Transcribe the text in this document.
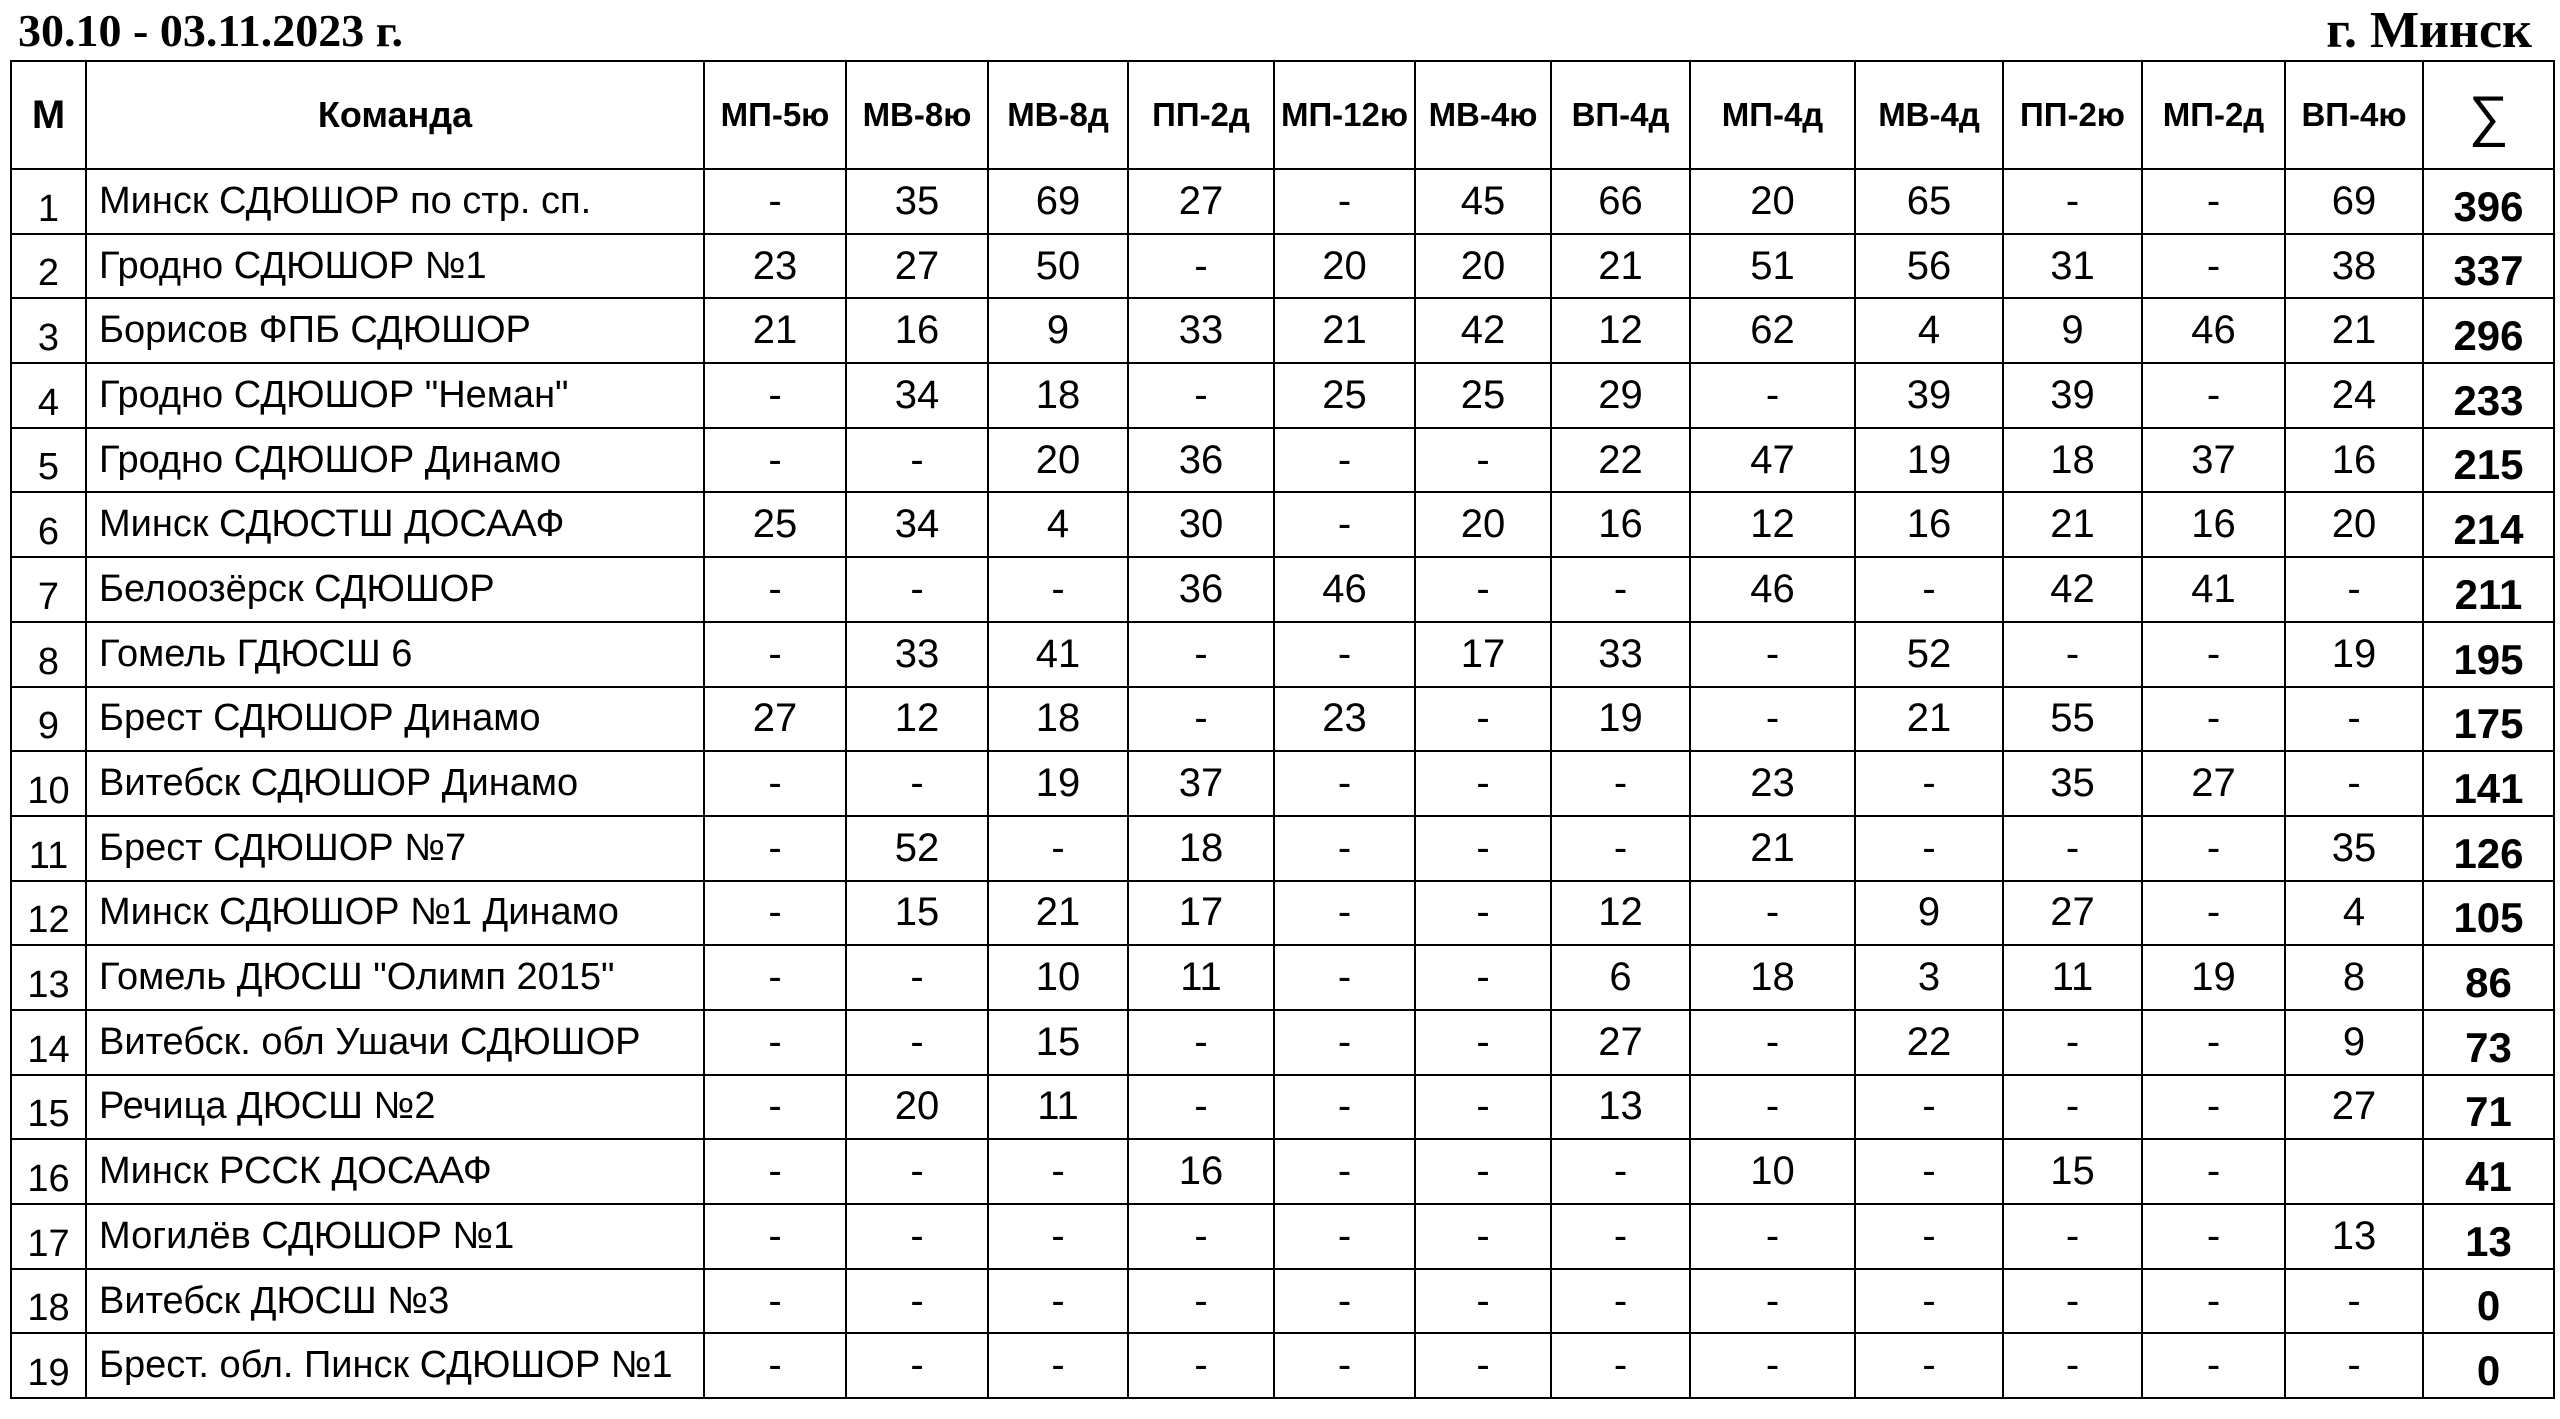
30.10 - 03.11.2023 г.	г. Минск
М	Команда	МП-5ю	МВ-8ю	МВ-8д	ПП-2д	МП-12ю	МВ-4ю	ВП-4д	МП-4д	МВ-4д	ПП-2ю	МП-2д	ВП-4ю	∑
1	Минск СДЮШОР по стр. сп.	-	35	69	27	-	45	66	20	65	-	-	69	396
2	Гродно СДЮШОР №1	23	27	50	-	20	20	21	51	56	31	-	38	337
3	Борисов ФПБ СДЮШОР	21	16	9	33	21	42	12	62	4	9	46	21	296
4	Гродно СДЮШОР "Неман"	-	34	18	-	25	25	29	-	39	39	-	24	233
5	Гродно СДЮШОР Динамо	-	-	20	36	-	-	22	47	19	18	37	16	215
6	Минск СДЮСТШ ДОСААФ	25	34	4	30	-	20	16	12	16	21	16	20	214
7	Белоозёрск СДЮШОР	-	-	-	36	46	-	-	46	-	42	41	-	211
8	Гомель ГДЮСШ 6	-	33	41	-	-	17	33	-	52	-	-	19	195
9	Брест СДЮШОР Динамо	27	12	18	-	23	-	19	-	21	55	-	-	175
10	Витебск СДЮШОР Динамо	-	-	19	37	-	-	-	23	-	35	27	-	141
11	Брест СДЮШОР №7	-	52	-	18	-	-	-	21	-	-	-	35	126
12	Минск СДЮШОР №1 Динамо	-	15	21	17	-	-	12	-	9	27	-	4	105
13	Гомель ДЮСШ "Олимп 2015"	-	-	10	11	-	-	6	18	3	11	19	8	86
14	Витебск. обл Ушачи СДЮШОР	-	-	15	-	-	-	27	-	22	-	-	9	73
15	Речица ДЮСШ №2	-	20	11	-	-	-	13	-	-	-	-	27	71
16	Минск РССК ДОСААФ	-	-	-	16	-	-	-	10	-	15	-		41
17	Могилёв СДЮШОР №1	-	-	-	-	-	-	-	-	-	-	-	13	13
18	Витебск ДЮСШ №3	-	-	-	-	-	-	-	-	-	-	-	-	0
19	Брест. обл. Пинск СДЮШОР №1	-	-	-	-	-	-	-	-	-	-	-	-	0
